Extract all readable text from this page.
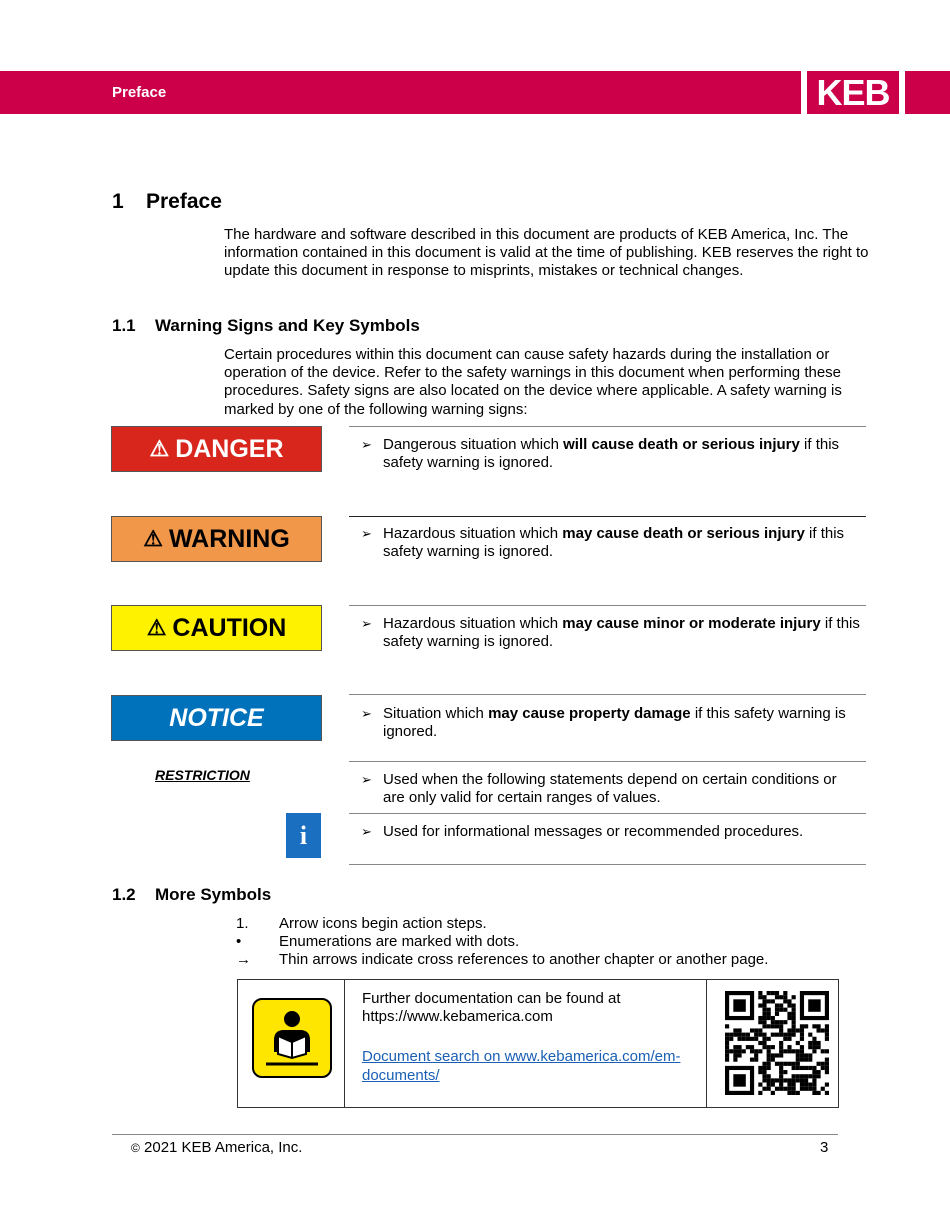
Preface	KEB
1 Preface
The hardware and software described in this document are products of KEB America, Inc. The information contained in this document is valid at the time of publishing. KEB reserves the right to update this document in response to misprints, mistakes or technical changes.
1.1 Warning Signs and Key Symbols
Certain procedures within this document can cause safety hazards during the installation or operation of the device. Refer to the safety warnings in this document when performing these procedures. Safety signs are also located on the device where applicable. A safety warning is marked by one of the following warning signs:
⚠ DANGER	➢ Dangerous situation which will cause death or serious injury if this safety warning is ignored.
⚠ WARNING	➢ Hazardous situation which may cause death or serious injury if this safety warning is ignored.
⚠ CAUTION	➢ Hazardous situation which may cause minor or moderate injury if this safety warning is ignored.
NOTICE	➢ Situation which may cause property damage if this safety warning is ignored.
RESTRICTION	➢ Used when the following statements depend on certain conditions or are only valid for certain ranges of values.
i	➢ Used for informational messages or recommended procedures.
1.2 More Symbols
1.	Arrow icons begin action steps.
•	Enumerations are marked with dots.
→	Thin arrows indicate cross references to another chapter or another page.
Further documentation can be found at https://www.kebamerica.com
Document search on www.kebamerica.com/em-documents/
© 2021 KEB America, Inc.	3
